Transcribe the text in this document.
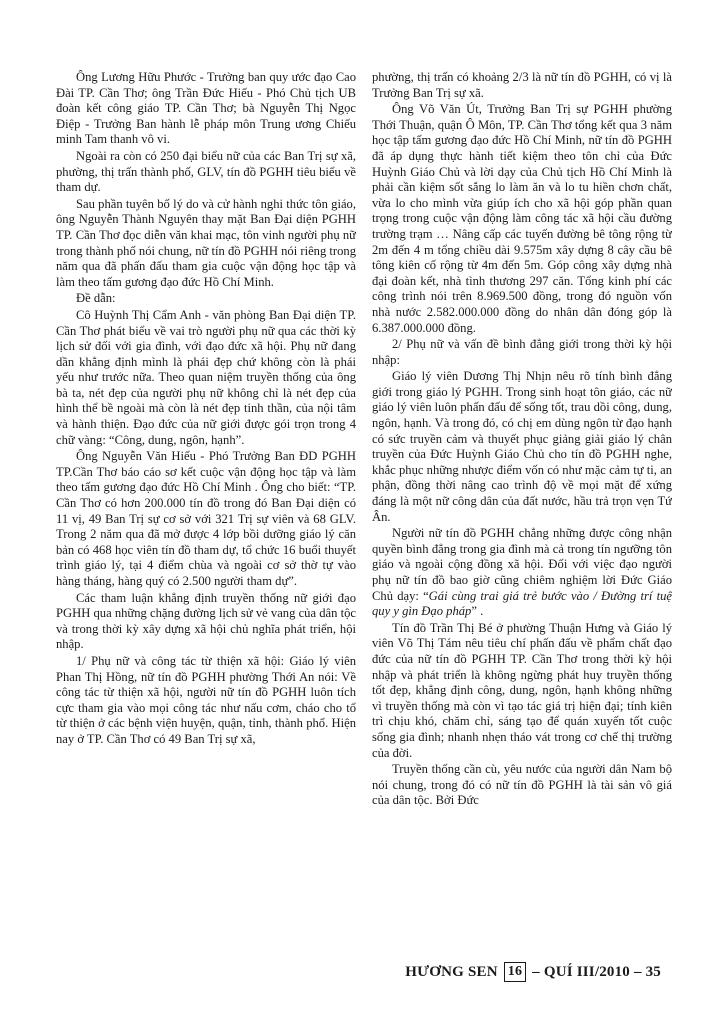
Ông Lương Hữu Phước - Trưởng ban quy ước đạo Cao Đài TP. Cần Thơ; ông Trần Đức Hiếu - Phó Chủ tịch UB đoàn kết công giáo TP. Cần Thơ; bà Nguyễn Thị Ngọc Điệp - Trưởng Ban hành lễ pháp môn Trung ương Chiếu minh Tam thanh vô vi.

Ngoài ra còn có 250 đại biểu nữ của các Ban Trị sự xã, phường, thị trấn thành phố, GLV, tín đồ PGHH tiêu biểu về tham dự.

Sau phần tuyên bố lý do và cử hành nghi thức tôn giáo, ông Nguyễn Thành Nguyên thay mặt Ban Đại diện PGHH TP. Cần Thơ đọc diễn văn khai mạc, tôn vinh người phụ nữ trong thành phố nói chung, nữ tín đồ PGHH nói riêng trong năm qua đã phấn đấu tham gia cuộc vận động học tập và làm theo tấm gương đạo đức Hồ Chí Minh.

Đề dẫn:

Cô Huỳnh Thị Cẩm Anh - văn phòng Ban Đại diện TP. Cần Thơ phát biểu về vai trò người phụ nữ qua các thời kỳ lịch sử đối với gia đình, với đạo đức xã hội. Phụ nữ đang dần khẳng định mình là phái đẹp chứ không còn là phái yếu như trước nữa. Theo quan niệm truyền thống của ông bà ta, nét đẹp của người phụ nữ không chỉ là nét đẹp của hình thể bề ngoài mà còn là nét đẹp tinh thần, của nội tâm và hành thiện. Đạo đức của nữ giới được gói trọn trong 4 chữ vàng: “Công, dung, ngôn, hạnh”.

Ông Nguyễn Văn Hiếu - Phó Trưởng Ban ĐD PGHH TP.Cần Thơ báo cáo sơ kết cuộc vận động học tập và làm theo tấm gương đạo đức Hồ Chí Minh . Ông cho biết: “TP. Cần Thơ có hơn 200.000 tín đồ trong đó Ban Đại diện có 11 vị, 49 Ban Trị sự cơ sở với 321 Trị sự viên và 68 GLV. Trong 2 năm qua đã mở được 4 lớp bồi dưỡng giáo lý căn bản có 468 học viên tín đồ tham dự, tổ chức 16 buổi thuyết trình giáo lý, tại 4 điểm chùa và ngoài cơ sở thờ tự vào hàng tháng, hàng quý có 2.500 người tham dự”.

Các tham luận khẳng định truyền thống nữ giới đạo PGHH qua những chặng đường lịch sử vẻ vang của dân tộc và trong thời kỳ xây dựng xã hội chủ nghĩa phát triển, hội nhập.

1/ Phụ nữ và công tác từ thiện xã hội: Giáo lý viên Phan Thị Hồng, nữ tín đồ PGHH phường Thới An nói: Về công tác từ thiện xã hội, người nữ tín đồ PGHH luôn tích cực tham gia vào mọi công tác như nấu cơm, cháo cho tổ từ thiện ở các bệnh viện huyện, quận, tỉnh, thành phố. Hiện nay ở TP. Cần Thơ có 49 Ban Trị sự xã,

phường, thị trấn có khoảng 2/3 là nữ tín đồ PGHH, có vị là Trưởng Ban Trị sự xã.

Ông Võ Văn Út, Trưởng Ban Trị sự PGHH phường Thới Thuận, quận Ô Môn, TP. Cần Thơ tổng kết qua 3 năm học tập tấm gương đạo đức Hồ Chí Minh, nữ tín đồ PGHH đã áp dụng thực hành tiết kiệm theo tôn chỉ của Đức Huỳnh Giáo Chủ và lời dạy của Chủ tịch Hồ Chí Minh là phải cần kiệm sốt sắng lo làm ăn và lo tu hiền chơn chất, vừa lo cho mình vừa giúp ích cho xã hội góp phần quan trọng trong cuộc vận động làm công tác xã hội cầu đường trường trạm … Nâng cấp các tuyến đường bê tông rộng từ 2m đến 4 m tổng chiều dài 9.575m xây dựng 8 cây cầu bê tông kiên cố rộng từ 4m đến 5m. Góp công xây dựng nhà đại đoàn kết, nhà tình thương 297 căn. Tổng kinh phí các công trình nói trên 8.969.500 đồng, trong đó nguồn vốn nhà nước 2.582.000.000 đồng do nhân dân đóng góp là 6.387.000.000 đồng.

2/ Phụ nữ và vấn đề bình đẳng giới trong thời kỳ hội nhập:

Giáo lý viên Dương Thị Nhịn nêu rõ tính bình đẳng giới trong giáo lý PGHH. Trong sinh hoạt tôn giáo, các nữ giáo lý viên luôn phấn đấu để sống tốt, trau dồi công, dung, ngôn, hạnh. Và trong đó, có chị em dùng ngôn từ đạo hạnh có sức truyền cảm và thuyết phục giảng giải giáo lý chân truyền của Đức Huỳnh Giáo Chủ cho tín đồ PGHH nghe, khắc phục những nhược điểm vốn có như mặc cảm tự ti, an phận, đồng thời nâng cao trình độ về mọi mặt để xứng đáng là một nữ công dân của đất nước, hầu trả trọn vẹn Tứ Ân.

Người nữ tín đồ PGHH chẳng những được công nhận quyền bình đẳng trong gia đình mà cả trong tín ngưỡng tôn giáo và ngoài cộng đồng xã hội. Đối với việc đạo người phụ nữ tín đồ bao giờ cũng chiêm nghiệm lời Đức Giáo Chủ dạy: “Gái cùng trai giá trẻ bước vào / Đường trí tuệ quy y gìn Đạo pháp” .

Tín đồ Trần Thị Bé ở phường Thuận Hưng và Giáo lý viên Võ Thị Tám nêu tiêu chí phấn đấu về phẩm chất đạo đức của nữ tín đồ PGHH TP. Cần Thơ trong thời kỳ hội nhập và phát triển là không ngừng phát huy truyền thống tốt đẹp, khẳng định công, dung, ngôn, hạnh không những vì truyền thống mà còn vì tạo tác giá trị hiện đại; tính kiên trì chịu khó, chăm chỉ, sáng tạo để quán xuyến tốt cuộc sống gia đình; nhanh nhẹn tháo vát trong cơ chế thị trường của đời.

Truyền thống cần cù, yêu nước của người dân Nam bộ nói chung, trong đó có nữ tín đồ PGHH là tài sản vô giá của dân tộc. Bởi Đức

HƯƠNG SEN 16 – QUÍ III/2010 – 35
